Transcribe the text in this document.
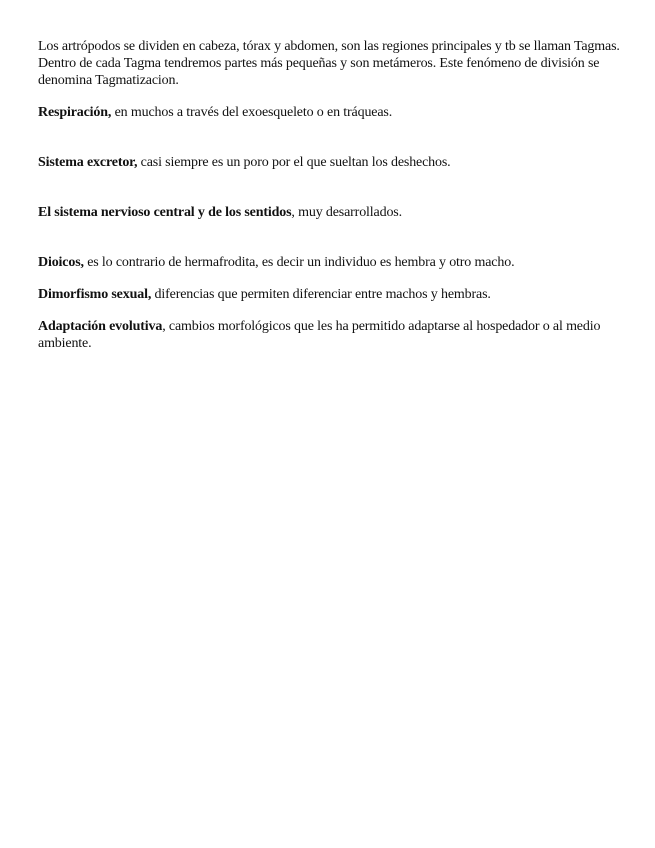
Los artrópodos se dividen en cabeza, tórax y abdomen, son las regiones principales y tb se llaman Tagmas. Dentro de cada Tagma tendremos partes más pequeñas y son metámeros. Este fenómeno de división se denomina Tagmatizacion.

Respiración, en muchos a través del exoesqueleto o en tráqueas.

Sistema excretor, casi siempre es un poro por el que sueltan los deshechos.

El sistema nervioso central y de los sentidos, muy desarrollados.

Dioicos, es lo contrario de hermafrodita, es decir un individuo es hembra y otro macho.

Dimorfismo sexual, diferencias que permiten diferenciar entre machos y hembras.

Adaptación evolutiva, cambios morfológicos que les ha permitido adaptarse al hospedador o al medio ambiente.
